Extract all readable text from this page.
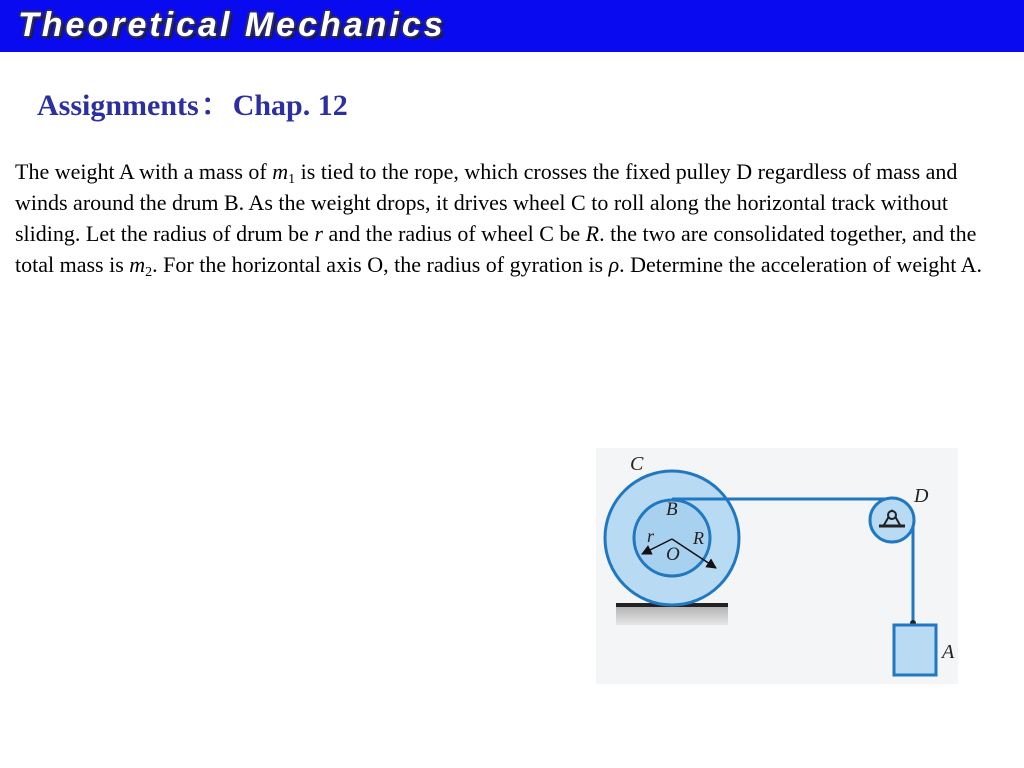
Theoretical Mechanics
Assignments：Chap. 12
The weight A with a mass of $m_1$ is tied to the rope, which crosses the fixed pulley D regardless of mass and winds around the drum B. As the weight drops, it drives wheel C to roll along the horizontal track without sliding. Let the radius of drum be r and the radius of wheel C be R. the two are consolidated together, and the total mass is $m_2$. For the horizontal axis O, the radius of gyration is ρ. Determine the acceleration of weight A.
C
B
O
r R
D
A
